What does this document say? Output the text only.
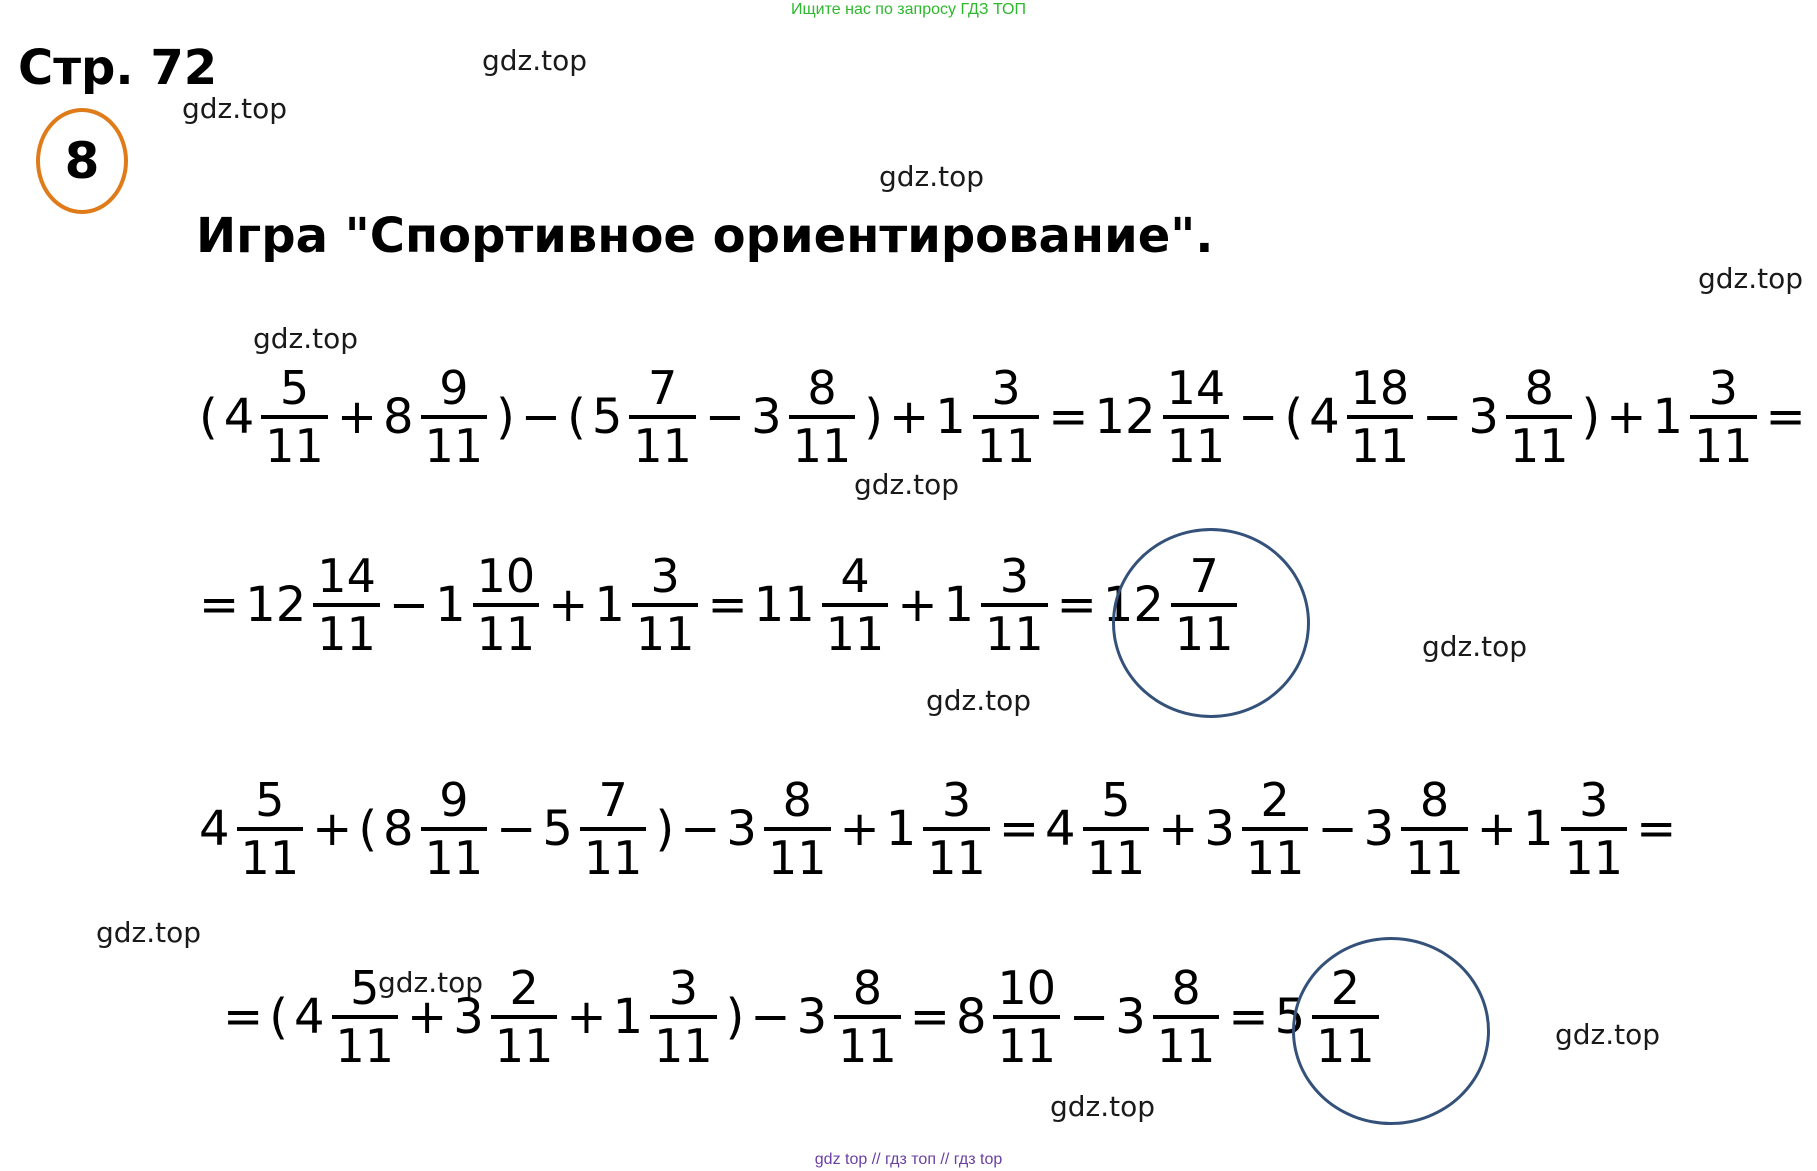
Ищите нас по запросу ГДЗ ТОП
Стр. 72
8
Игра "Спортивное ориентирование".
gdz.top
gdz.top
gdz.top
gdz.top
gdz.top
gdz.top
gdz.top
gdz.top
gdz.top
gdz.top
gdz.top
gdz.top
( $4 \frac{5}{11} + 8 \frac{9}{11}$ ) − ( $5 \frac{7}{11} - 3 \frac{8}{11}$ ) + $1 \frac{3}{11} = 12 \frac{14}{11}$ − ( $4 \frac{18}{11} - 3 \frac{8}{11}$ ) + $1 \frac{3}{11}$ =
= $12 \frac{14}{11} - 1 \frac{10}{11} + 1 \frac{3}{11} = 11 \frac{4}{11} + 1 \frac{3}{11} = 12 \frac{7}{11}$
$4 \frac{5}{11}$ + ( $8 \frac{9}{11} - 5 \frac{7}{11}$ ) − $3 \frac{8}{11} + 1 \frac{3}{11} = 4 \frac{5}{11} + 3 \frac{2}{11} - 3 \frac{8}{11} + 1 \frac{3}{11}$ =
= ( $4 \frac{5}{11} + 3 \frac{2}{11} + 1 \frac{3}{11}$ ) − $3 \frac{8}{11} = 8 \frac{10}{11} - 3 \frac{8}{11} = 5 \frac{2}{11}$
gdz top // гдз топ // гдз top
